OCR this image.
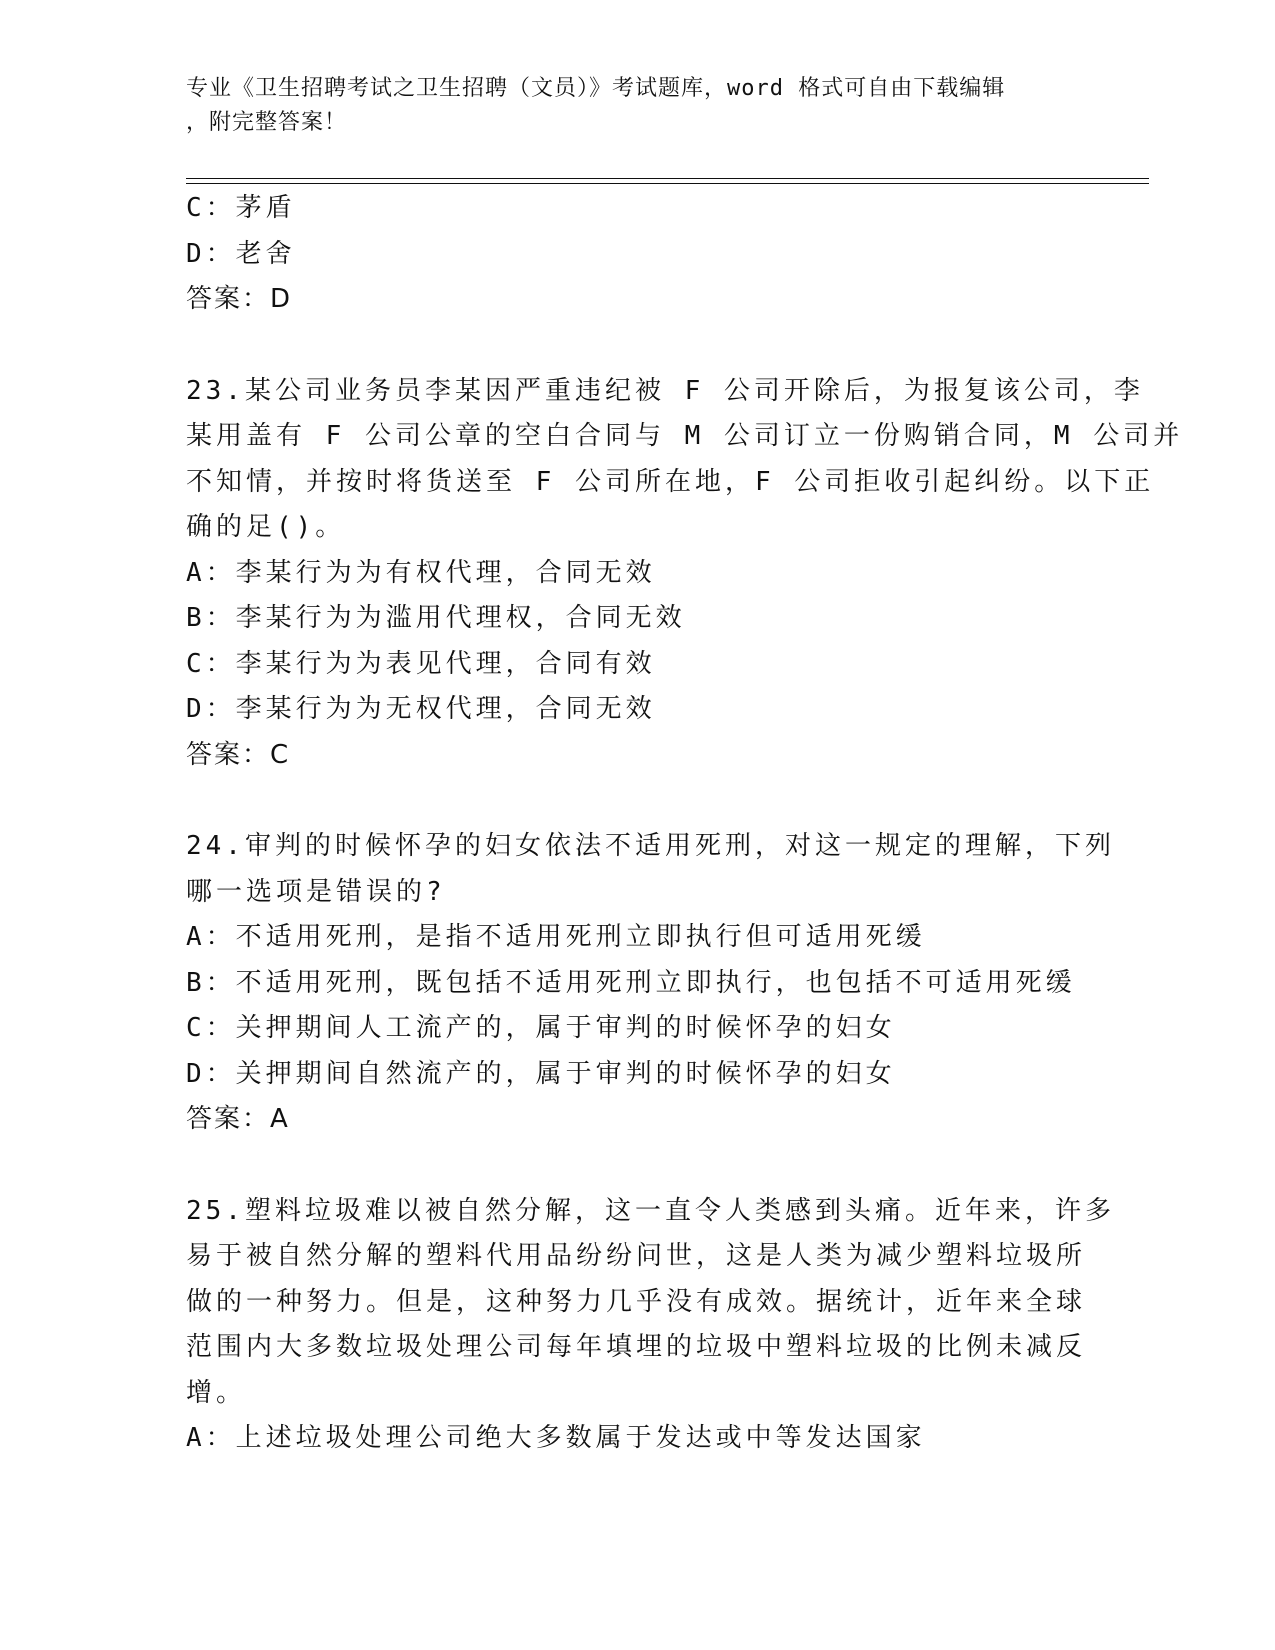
专业《卫生招聘考试之卫生招聘（文员）》考试题库，word 格式可自由下载编辑
，附完整答案！
C：茅盾
D：老舍
答案：D
23.某公司业务员李某因严重违纪被 F 公司开除后，为报复该公司，李
某用盖有 F 公司公章的空白合同与 M 公司订立一份购销合同，M 公司并
不知情，并按时将货送至 F 公司所在地，F 公司拒收引起纠纷。以下正
确的足()。
A：李某行为为有权代理，合同无效
B：李某行为为滥用代理权，合同无效
C：李某行为为表见代理，合同有效
D：李某行为为无权代理，合同无效
答案：C
24.审判的时候怀孕的妇女依法不适用死刑，对这一规定的理解，下列
哪一选项是错误的?
A：不适用死刑，是指不适用死刑立即执行但可适用死缓
B：不适用死刑，既包括不适用死刑立即执行，也包括不可适用死缓
C：关押期间人工流产的，属于审判的时候怀孕的妇女
D：关押期间自然流产的，属于审判的时候怀孕的妇女
答案：A
25.塑料垃圾难以被自然分解，这一直令人类感到头痛。近年来，许多
易于被自然分解的塑料代用品纷纷问世，这是人类为减少塑料垃圾所
做的一种努力。但是，这种努力几乎没有成效。据统计，近年来全球
范围内大多数垃圾处理公司每年填埋的垃圾中塑料垃圾的比例未减反
增。
A：上述垃圾处理公司绝大多数属于发达或中等发达国家
